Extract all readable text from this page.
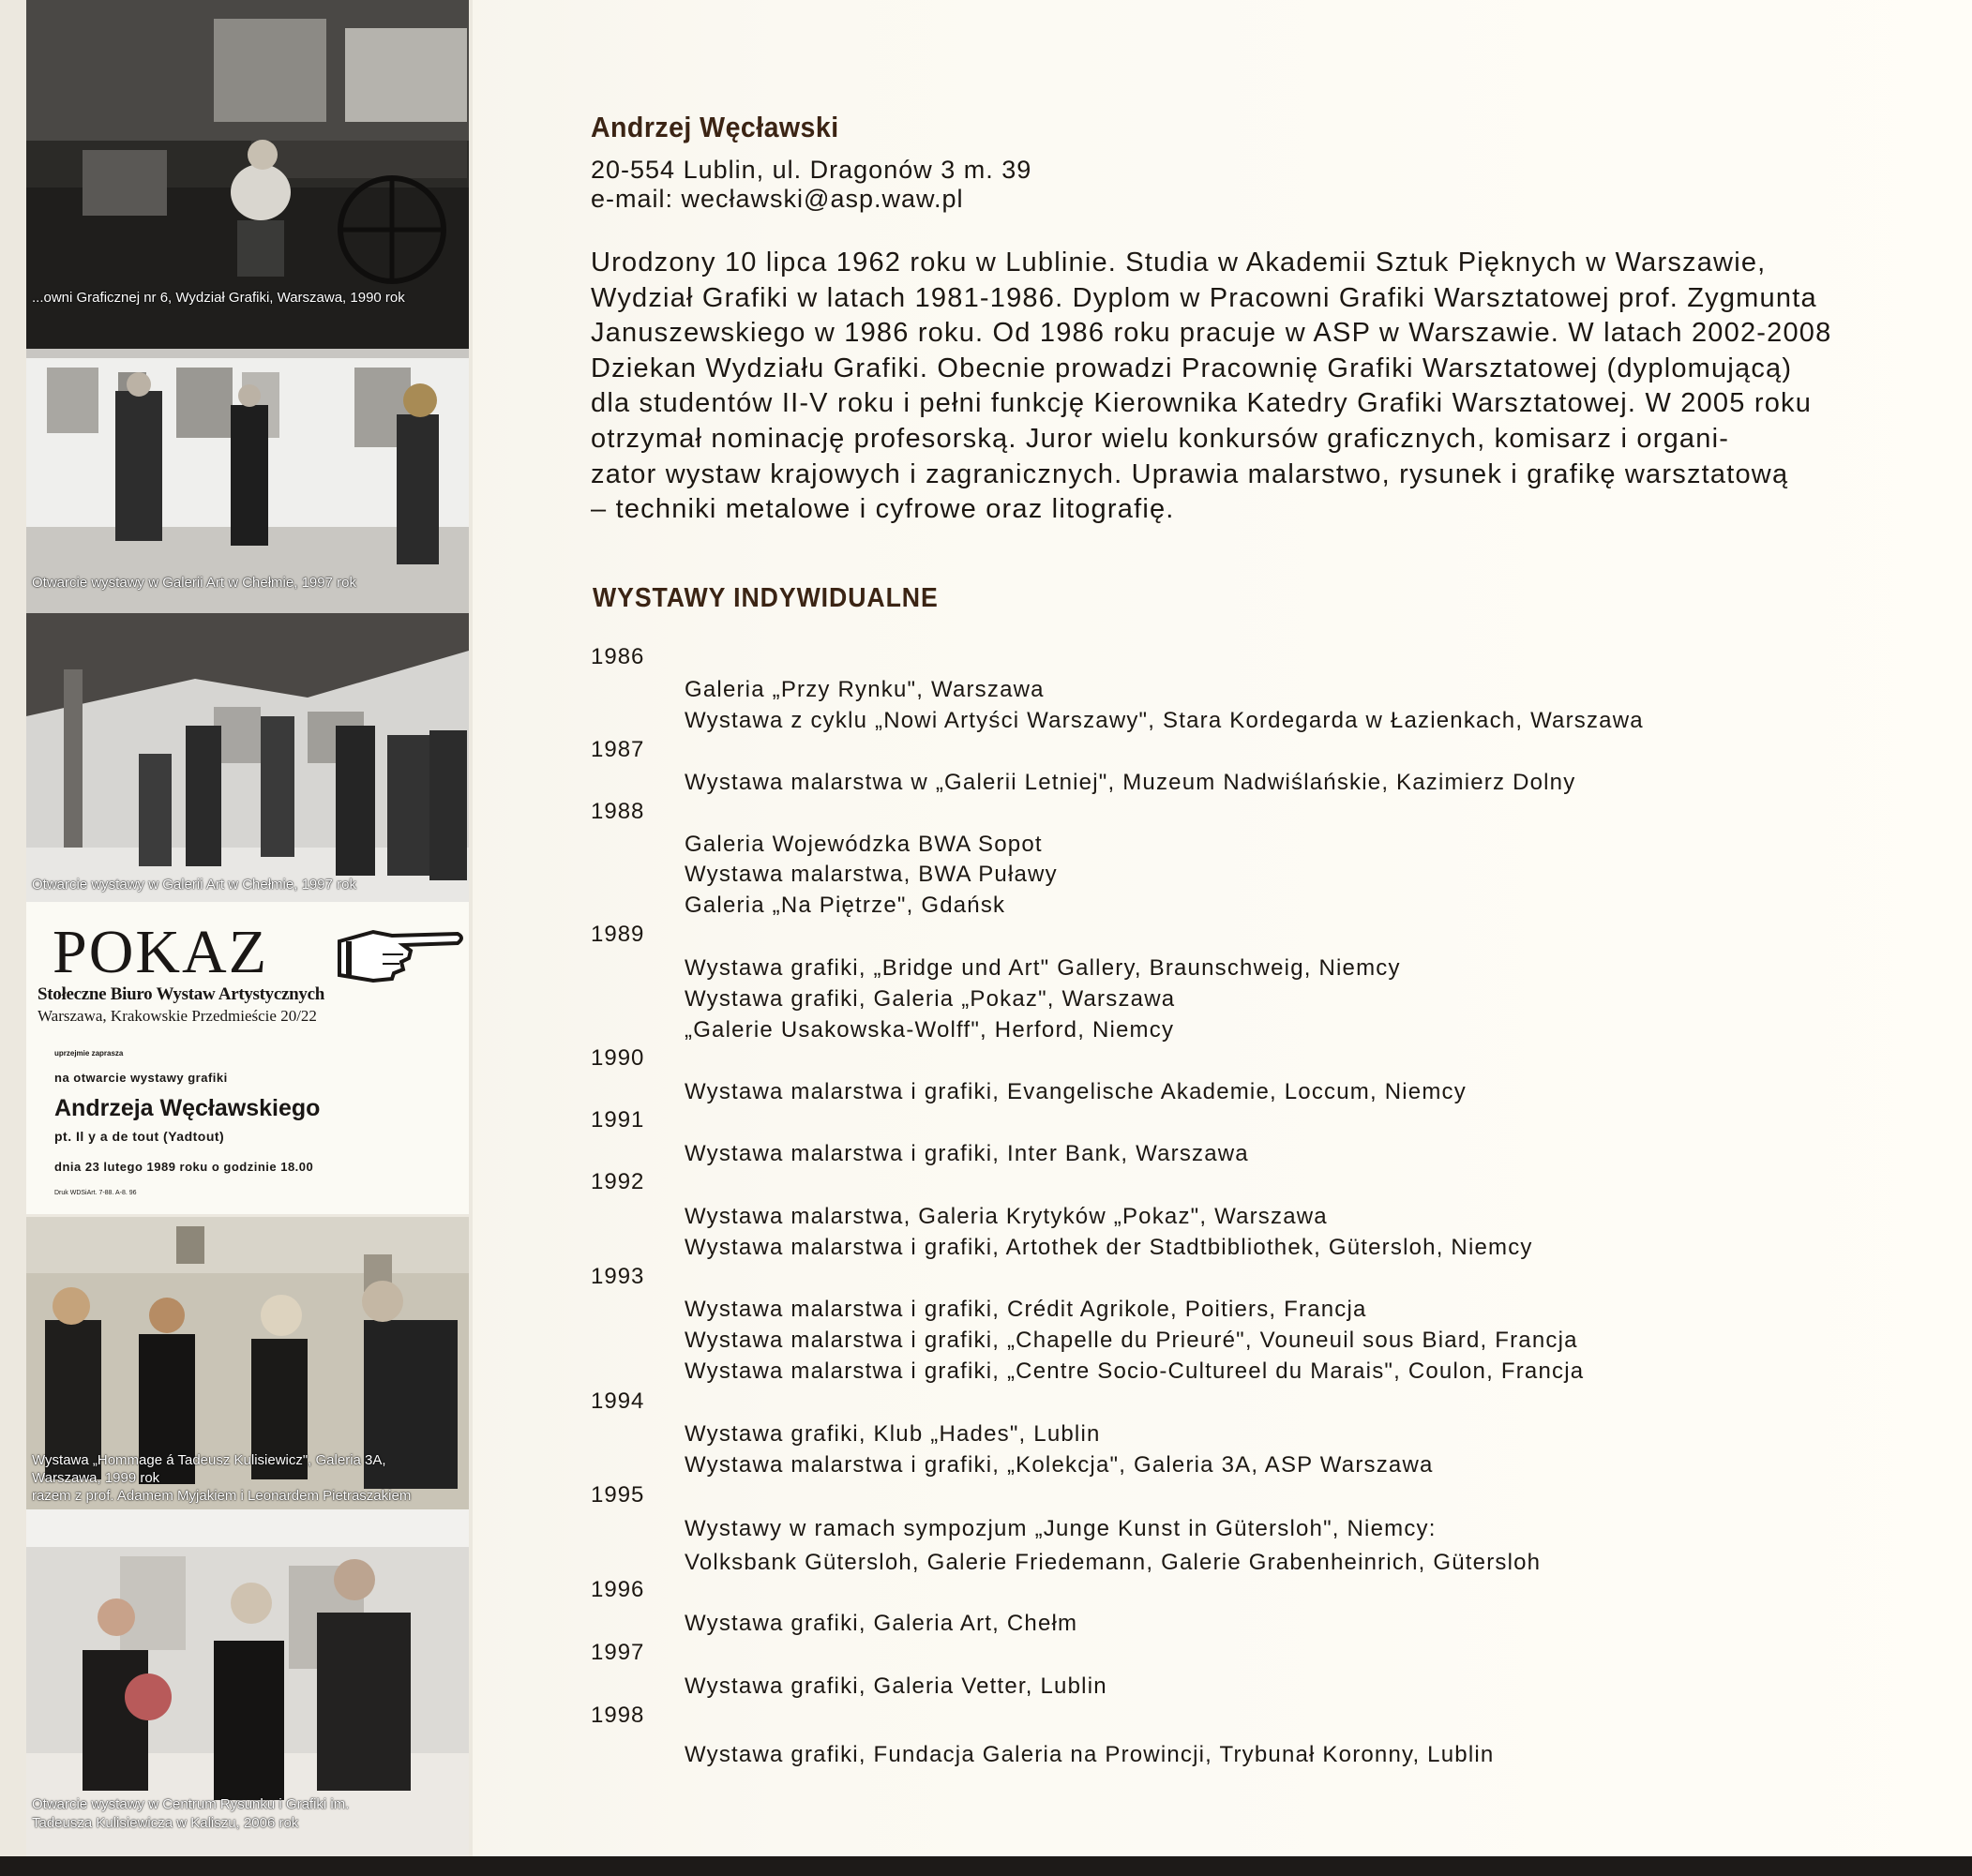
...owni Graficznej nr 6, Wydział Grafiki, Warszawa, 1990 rok
Otwarcie wystawy w Galerii Art w Chełmie, 1997 rok
Otwarcie wystawy w Galerii Art w Chełmie, 1997 rok
Wystawa „Hommage á Tadeusz Kulisiewicz", Galeria 3A,
Warszawa, 1999 rok
razem z prof. Adamem Myjakiem i Leonardem Pietraszakiem
Otwarcie wystawy w Centrum Rysunku i Grafiki im.
Tadeusza Kulisiewicza w Kaliszu, 2006 rok
POKAZ
Stołeczne Biuro Wystaw Artystycznych
Warszawa, Krakowskie Przedmieście 20/22
uprzejmie zaprasza
na otwarcie wystawy grafiki
Andrzeja Węcławskiego
pt. Il y a de tout (Yadtout)
dnia 23 lutego 1989 roku o godzinie 18.00
Druk WDSiArt. 7-88. A-8. 96
Andrzej Węcławski
20-554 Lublin, ul. Dragonów 3 m. 39
e-mail: wecławski@asp.waw.pl
Urodzony 10 lipca 1962 roku w Lublinie. Studia w Akademii Sztuk Pięknych w Warszawie,
Wydział Grafiki w latach 1981-1986. Dyplom w Pracowni Grafiki Warsztatowej prof. Zygmunta
Januszewskiego w 1986 roku. Od 1986 roku pracuje w ASP w Warszawie. W latach 2002-2008
Dziekan Wydziału Grafiki. Obecnie prowadzi Pracownię Grafiki Warsztatowej (dyplomującą)
dla studentów II-V roku i pełni funkcję Kierownika Katedry Grafiki Warsztatowej. W 2005 roku
otrzymał nominację profesorską. Juror wielu konkursów graficznych, komisarz i organi-
zator wystaw krajowych i zagranicznych. Uprawia malarstwo, rysunek i grafikę warsztatową
– techniki metalowe i cyfrowe oraz litografię.
WYSTAWY INDYWIDUALNE
1986
Galeria „Przy Rynku", Warszawa
Wystawa z cyklu „Nowi Artyści Warszawy", Stara Kordegarda w Łazienkach, Warszawa
1987
Wystawa malarstwa w „Galerii Letniej", Muzeum Nadwiślańskie, Kazimierz Dolny
1988
Galeria Wojewódzka BWA Sopot
Wystawa malarstwa, BWA Puławy
Galeria „Na Piętrze", Gdańsk
1989
Wystawa grafiki, „Bridge und Art" Gallery, Braunschweig, Niemcy
Wystawa grafiki, Galeria „Pokaz", Warszawa
„Galerie Usakowska-Wolff", Herford, Niemcy
1990
Wystawa malarstwa i grafiki, Evangelische Akademie, Loccum, Niemcy
1991
Wystawa malarstwa i grafiki, Inter Bank, Warszawa
1992
Wystawa malarstwa, Galeria Krytyków „Pokaz", Warszawa
Wystawa malarstwa i grafiki, Artothek der Stadtbibliothek, Gütersloh, Niemcy
1993
Wystawa malarstwa i grafiki, Crédit Agrikole, Poitiers, Francja
Wystawa malarstwa i grafiki, „Chapelle du Prieuré", Vouneuil sous Biard, Francja
Wystawa malarstwa i grafiki, „Centre Socio-Cultureel du Marais", Coulon, Francja
1994
Wystawa grafiki, Klub „Hades", Lublin
Wystawa malarstwa i grafiki, „Kolekcja", Galeria 3A, ASP Warszawa
1995
Wystawy w ramach sympozjum „Junge Kunst in Gütersloh", Niemcy:
Volksbank Gütersloh, Galerie Friedemann, Galerie Grabenheinrich, Gütersloh
1996
Wystawa grafiki, Galeria Art, Chełm
1997
Wystawa grafiki, Galeria Vetter, Lublin
1998
Wystawa grafiki, Fundacja Galeria na Prowincji, Trybunał Koronny, Lublin
